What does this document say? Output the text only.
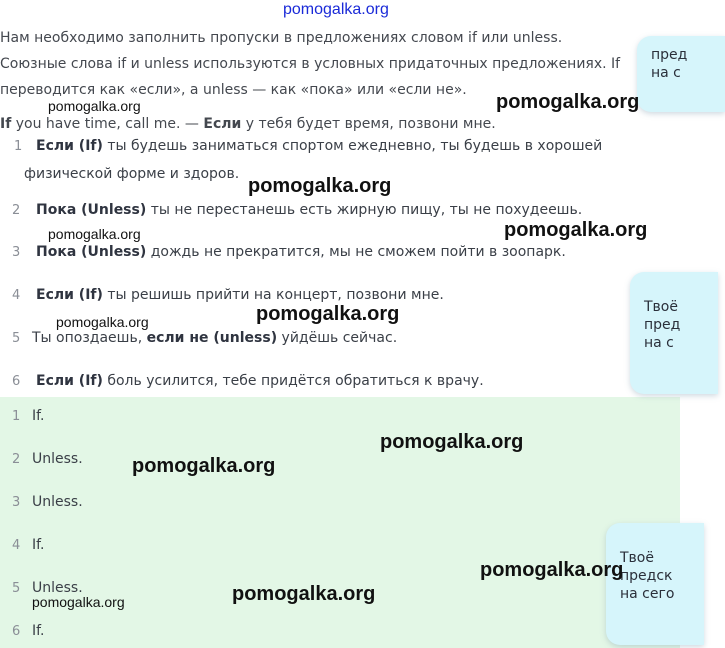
pomogalka.org
Нам необходимо заполнить пропуски в предложениях словом if или unless.
Союзные слова if и unless используются в условных придаточных предложениях. If
переводится как «если», а unless — как «пока» или «если не».
If you have time, call me. — Если у тебя будет время, позвони мне.
1 Если (If) ты будешь заниматься спортом ежедневно, ты будешь в хорошей
физической форме и здоров.
2 Пока (Unless) ты не перестанешь есть жирную пищу, ты не похудеешь.
3 Пока (Unless) дождь не прекратится, мы не сможем пойти в зоопарк.
4 Если (If) ты решишь прийти на концерт, позвони мне.
5 Ты опоздаешь, если не (unless) уйдёшь сейчас.
6 Если (If) боль усилится, тебе придётся обратиться к врачу.
1 If.
2 Unless.
3 Unless.
4 If.
5 Unless.
6 If.
пред
на с
Твоё
пред
на с
Твоё
предск
на сего
pomogalka.org
pomogalka.org
pomogalka.org
pomogalka.org	pomogalka.org
pomogalka.org	pomogalka.org
pomogalka.org
pomogalka.org
pomogalka.org
pomogalka.org
pomogalka.org
